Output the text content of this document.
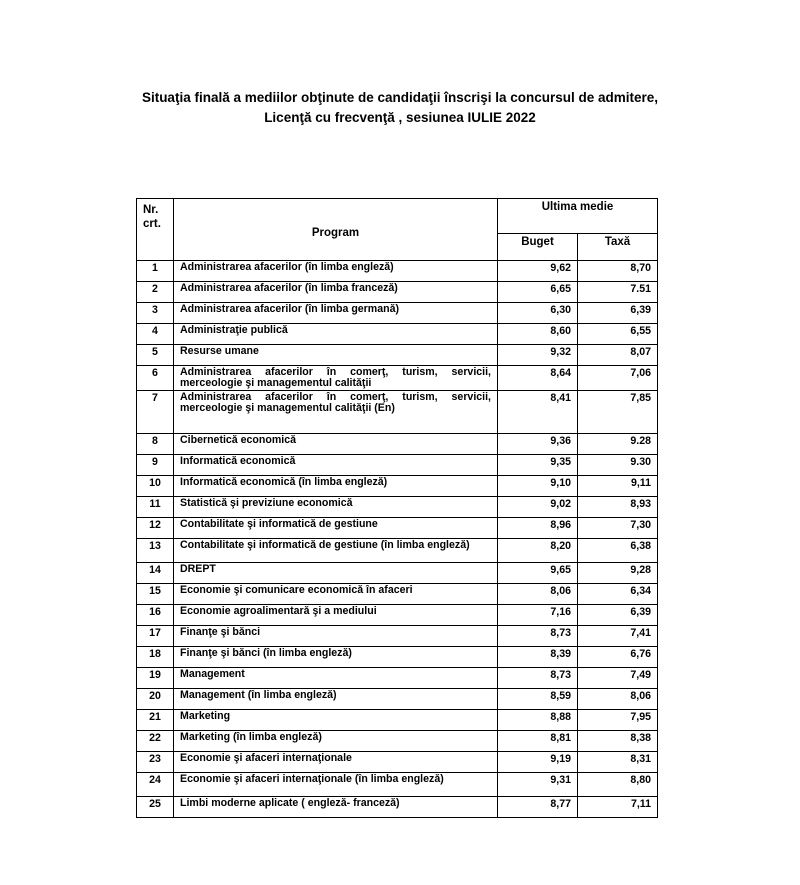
Situaţia finală a mediilor obţinute de candidaţii înscrişi la concursul de admitere,
Licenţă cu frecvenţă , sesiunea IULIE 2022
Nr. crt.	Program	Ultima medie	
		Buget	Taxă
1	Administrarea afacerilor (în limba engleză)	9,62	8,70
2	Administrarea afacerilor (în limba franceză)	6,65	7.51
3	Administrarea afacerilor (în limba germană)	6,30	6,39
4	Administraţie publică	8,60	6,55
5	Resurse umane	9,32	8,07
6	Administrarea afacerilor în comerţ, turism, servicii, merceologie şi managementul calităţii	8,64	7,06
7	Administrarea afacerilor în comerţ, turism, servicii, merceologie şi managementul calităţii (En)	8,41	7,85
8	Cibernetică economică	9,36	9.28
9	Informatică economică	9,35	9.30
10	Informatică economică (în limba engleză)	9,10	9,11
11	Statistică şi previziune economică	9,02	8,93
12	Contabilitate şi informatică de gestiune	8,96	7,30
13	Contabilitate şi informatică de gestiune (în limba engleză)	8,20	6,38
14	DREPT	9,65	9,28
15	Economie şi comunicare economică în afaceri	8,06	6,34
16	Economie agroalimentară şi a mediului	7,16	6,39
17	Finanţe şi bănci	8,73	7,41
18	Finanţe şi bănci (în limba engleză)	8,39	6,76
19	Management	8,73	7,49
20	Management (în limba engleză)	8,59	8,06
21	Marketing	8,88	7,95
22	Marketing (în limba engleză)	8,81	8,38
23	Economie şi afaceri internaţionale	9,19	8,31
24	Economie şi afaceri internaţionale (în limba engleză)	9,31	8,80
25	Limbi moderne aplicate ( engleză- franceză)	8,77	7,11
